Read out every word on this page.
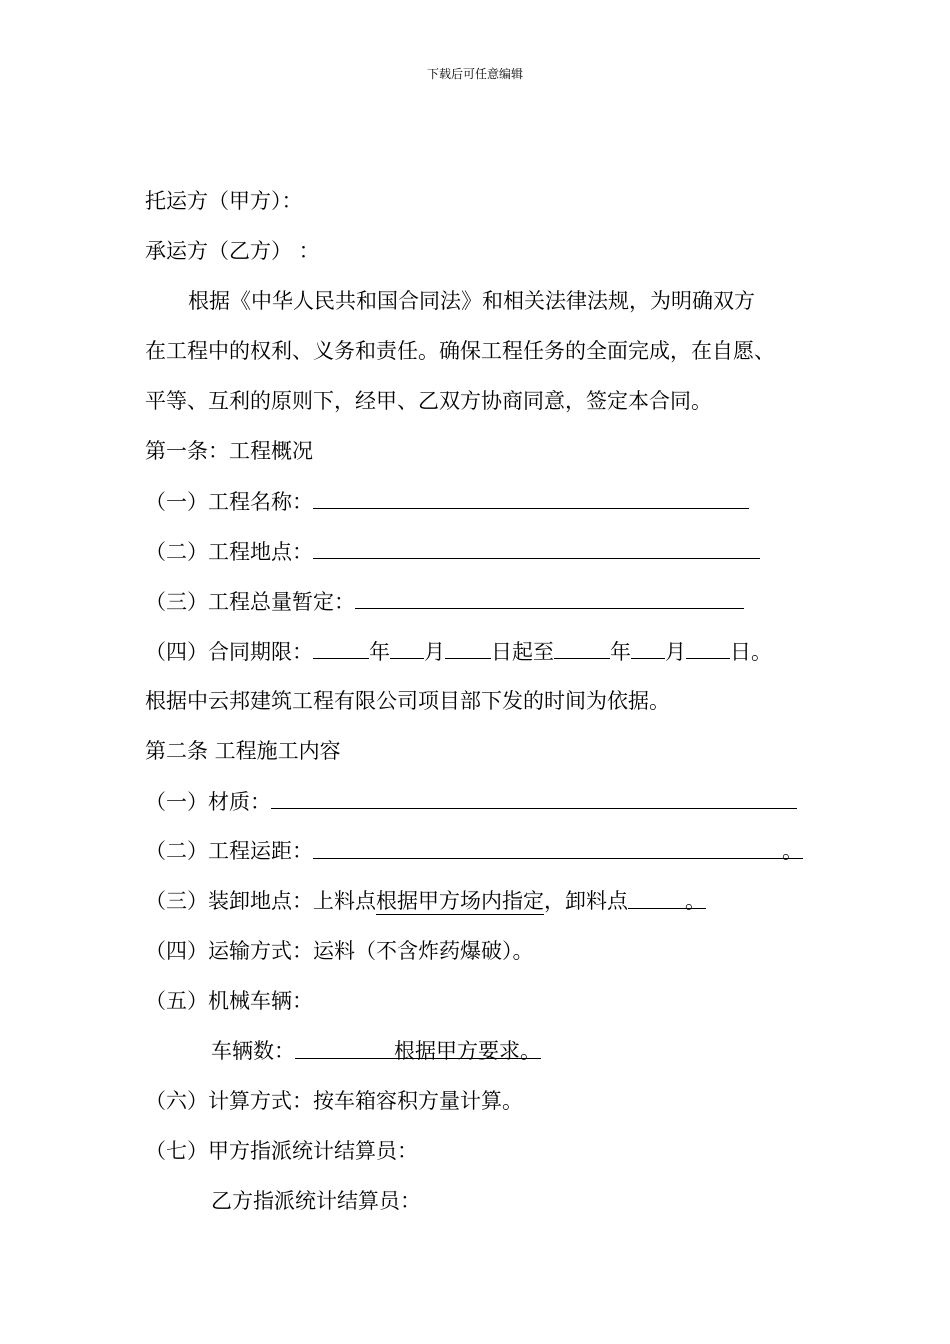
下载后可任意编辑
托运方（甲方）：
承运方（乙方） ：
根据《中华人民共和国合同法》和相关法律法规，为明确双方
在工程中的权利、义务和责任。确保工程任务的全面完成，在自愿、
平等、互利的原则下，经甲、乙双方协商同意，签定本合同。
第一条：工程概况
（一）工程名称：
（二）工程地点：
（三）工程总量暂定：
（四）合同期限：	年 月 日起至	年 月 日。
根据中云邦建筑工程有限公司项目部下发的时间为依据。
第二条 工程施工内容
（一）材质：
（二）工程运距：	。
（三）装卸地点：上料点根据甲方场内指定，卸料点	。
（四）运输方式：运料（不含炸药爆破）。
（五）机械车辆：
车辆数：	根据甲方要求。
（六）计算方式：按车箱容积方量计算。
（七）甲方指派统计结算员：
乙方指派统计结算员：
